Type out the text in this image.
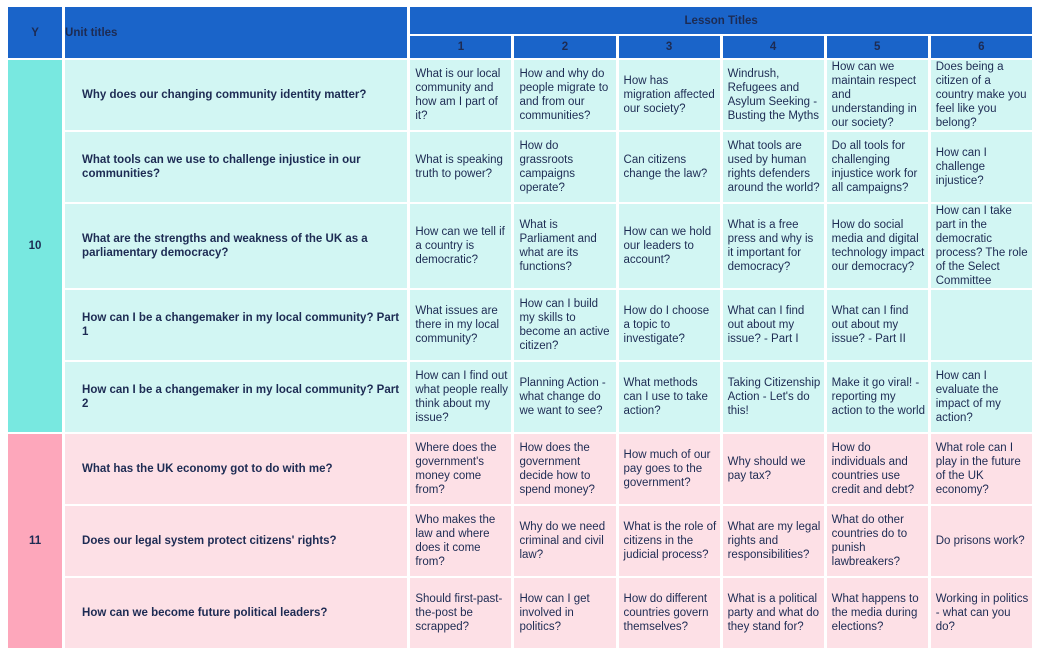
Y	Unit titles	Lesson Titles					
		1	2	3	4	5	6
10	Why does our changing community identity matter?	What is our local community and how am I part of it?	How and why do people migrate to and from our communities?	How has migration affected our society?	Windrush, Refugees and Asylum Seeking - Busting the Myths	How can we maintain respect and understanding in our society?	Does being a citizen of a country make you feel like you belong?
	What tools can we use to challenge injustice in our communities?	What is speaking truth to power?	How do grassroots campaigns operate?	Can citizens change the law?	What tools are used by human rights defenders around the world?	Do all tools for challenging injustice work for all campaigns?	How can I challenge injustice?
	What are the strengths and weakness of the UK as a parliamentary democracy?	How can we tell if a country is democratic?	What is Parliament and what are its functions?	How can we hold our leaders to account?	What is a free press and why is it important for democracy?	How do social media and digital technology impact our democracy?	How can I take part in the democratic process? The role of the Select Committee
	How can I be a changemaker in my local community? Part 1	What issues are there in my local community?	How can I build my skills to become an active citizen?	How do I choose a topic to investigate?	What can I find out about my issue? - Part I	What can I find out about my issue? - Part II	
	How can I be a changemaker in my local community? Part 2	How can I find out what people really think about my issue?	Planning Action - what change do we want to see?	What methods can I use to take action?	Taking Citizenship Action - Let's do this!	Make it go viral! - reporting my action to the world	How can I evaluate the impact of my action?
11	What has the UK economy got to do with me?	Where does the government's money come from?	How does the government decide how to spend money?	How much of our pay goes to the government?	Why should we pay tax?	How do individuals and countries use credit and debt?	What role can I play in the future of the UK economy?
	Does our legal system protect citizens' rights?	Who makes the law and where does it come from?	Why do we need criminal and civil law?	What is the role of citizens in the judicial process?	What are my legal rights and responsibilities?	What do other countries do to punish lawbreakers?	Do prisons work?
	How can we become future political leaders?	Should first-past-the-post be scrapped?	How can I get involved in politics?	How do different countries govern themselves?	What is a political party and what do they stand for?	What happens to the media during elections?	Working in politics - what can you do?
